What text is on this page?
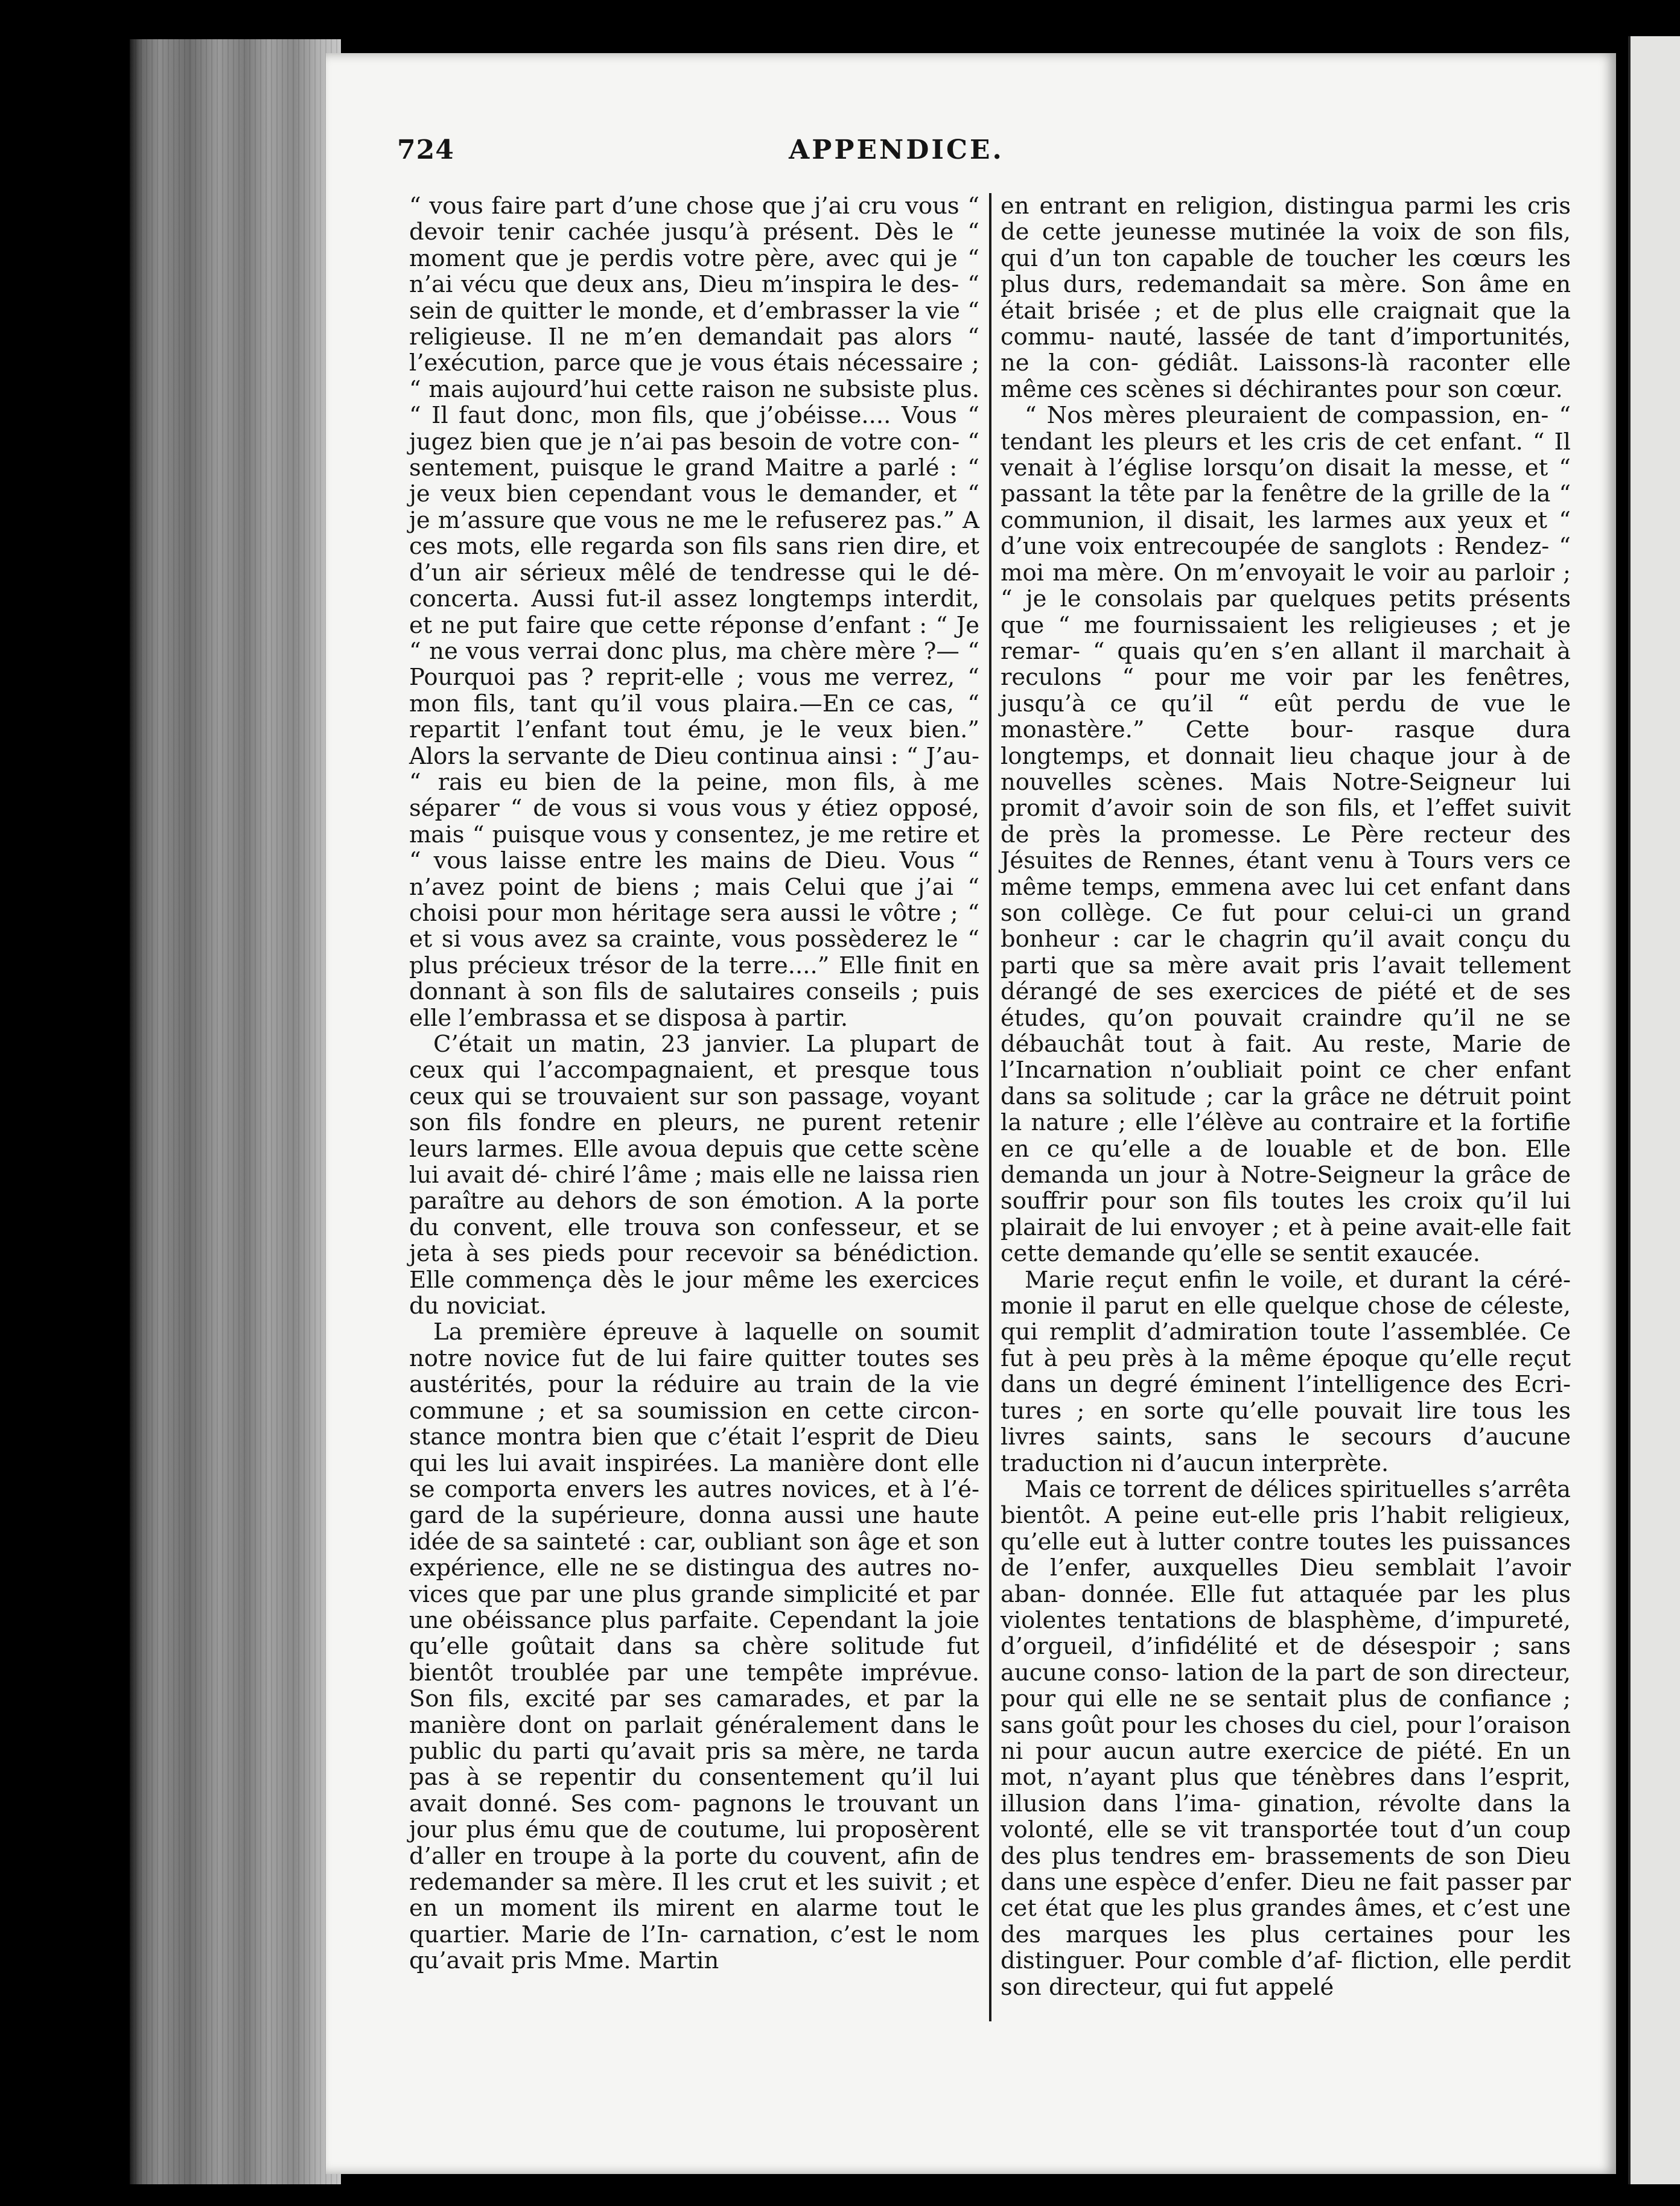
724	APPENDICE.

“ vous faire part d’une chose que j’ai cru vous “ devoir tenir cachée jusqu’à présent. Dès le “ moment que je perdis votre père, avec qui je “ n’ai vécu que deux ans, Dieu m’inspira le des- “ sein de quitter le monde, et d’embrasser la vie “ religieuse. Il ne m’en demandait pas alors “ l’exécution, parce que je vous étais nécessaire ; “ mais aujourd’hui cette raison ne subsiste plus. “ Il faut donc, mon fils, que j’obéisse.... Vous “ jugez bien que je n’ai pas besoin de votre con- “ sentement, puisque le grand Maitre a parlé : “ je veux bien cependant vous le demander, et “ je m’assure que vous ne me le refuserez pas.” A ces mots, elle regarda son fils sans rien dire, et d’un air sérieux mêlé de tendresse qui le dé- concerta. Aussi fut-il assez longtemps interdit, et ne put faire que cette réponse d’enfant : “ Je “ ne vous verrai donc plus, ma chère mère ?— “ Pourquoi pas ? reprit-elle ; vous me verrez, “ mon fils, tant qu’il vous plaira.—En ce cas, “ repartit l’enfant tout ému, je le veux bien.” Alors la servante de Dieu continua ainsi : “ J’au- “ rais eu bien de la peine, mon fils, à me séparer “ de vous si vous vous y étiez opposé, mais “ puisque vous y consentez, je me retire et “ vous laisse entre les mains de Dieu. Vous “ n’avez point de biens ; mais Celui que j’ai “ choisi pour mon héritage sera aussi le vôtre ; “ et si vous avez sa crainte, vous possèderez le “ plus précieux trésor de la terre....” Elle finit en donnant à son fils de salutaires conseils ; puis elle l’embrassa et se disposa à partir.

C’était un matin, 23 janvier. La plupart de ceux qui l’accompagnaient, et presque tous ceux qui se trouvaient sur son passage, voyant son fils fondre en pleurs, ne purent retenir leurs larmes. Elle avoua depuis que cette scène lui avait dé- chiré l’âme ; mais elle ne laissa rien paraître au dehors de son émotion. A la porte du convent, elle trouva son confesseur, et se jeta à ses pieds pour recevoir sa bénédiction. Elle commença dès le jour même les exercices du noviciat.

La première épreuve à laquelle on soumit notre novice fut de lui faire quitter toutes ses austérités, pour la réduire au train de la vie commune ; et sa soumission en cette circon- stance montra bien que c’était l’esprit de Dieu qui les lui avait inspirées. La manière dont elle se comporta envers les autres novices, et à l’é- gard de la supérieure, donna aussi une haute idée de sa sainteté : car, oubliant son âge et son expérience, elle ne se distingua des autres no- vices que par une plus grande simplicité et par une obéissance plus parfaite. Cependant la joie qu’elle goûtait dans sa chère solitude fut bientôt troublée par une tempête imprévue. Son fils, excité par ses camarades, et par la manière dont on parlait généralement dans le public du parti qu’avait pris sa mère, ne tarda pas à se repentir du consentement qu’il lui avait donné. Ses com- pagnons le trouvant un jour plus ému que de coutume, lui proposèrent d’aller en troupe à la porte du couvent, afin de redemander sa mère. Il les crut et les suivit ; et en un moment ils mirent en alarme tout le quartier. Marie de l’In- carnation, c’est le nom qu’avait pris Mme. Martin

en entrant en religion, distingua parmi les cris de cette jeunesse mutinée la voix de son fils, qui d’un ton capable de toucher les cœurs les plus durs, redemandait sa mère. Son âme en était brisée ; et de plus elle craignait que la commu- nauté, lassée de tant d’importunités, ne la con- gédiât. Laissons-là raconter elle même ces scènes si déchirantes pour son cœur.

“ Nos mères pleuraient de compassion, en- “ tendant les pleurs et les cris de cet enfant. “ Il venait à l’église lorsqu’on disait la messe, et “ passant la tête par la fenêtre de la grille de la “ communion, il disait, les larmes aux yeux et “ d’une voix entrecoupée de sanglots : Rendez- “ moi ma mère. On m’envoyait le voir au parloir ; “ je le consolais par quelques petits présents que “ me fournissaient les religieuses ; et je remar- “ quais qu’en s’en allant il marchait à reculons “ pour me voir par les fenêtres, jusqu’à ce qu’il “ eût perdu de vue le monastère.” Cette bour- rasque dura longtemps, et donnait lieu chaque jour à de nouvelles scènes. Mais Notre-Seigneur lui promit d’avoir soin de son fils, et l’effet suivit de près la promesse. Le Père recteur des Jésuites de Rennes, étant venu à Tours vers ce même temps, emmena avec lui cet enfant dans son collège. Ce fut pour celui-ci un grand bonheur : car le chagrin qu’il avait conçu du parti que sa mère avait pris l’avait tellement dérangé de ses exercices de piété et de ses études, qu’on pouvait craindre qu’il ne se débauchât tout à fait. Au reste, Marie de l’Incarnation n’oubliait point ce cher enfant dans sa solitude ; car la grâce ne détruit point la nature ; elle l’élève au contraire et la fortifie en ce qu’elle a de louable et de bon. Elle demanda un jour à Notre-Seigneur la grâce de souffrir pour son fils toutes les croix qu’il lui plairait de lui envoyer ; et à peine avait-elle fait cette demande qu’elle se sentit exaucée.

Marie reçut enfin le voile, et durant la céré- monie il parut en elle quelque chose de céleste, qui remplit d’admiration toute l’assemblée. Ce fut à peu près à la même époque qu’elle reçut dans un degré éminent l’intelligence des Ecri- tures ; en sorte qu’elle pouvait lire tous les livres saints, sans le secours d’aucune traduction ni d’aucun interprète.

Mais ce torrent de délices spirituelles s’arrêta bientôt. A peine eut-elle pris l’habit religieux, qu’elle eut à lutter contre toutes les puissances de l’enfer, auxquelles Dieu semblait l’avoir aban- donnée. Elle fut attaquée par les plus violentes tentations de blasphème, d’impureté, d’orgueil, d’infidélité et de désespoir ; sans aucune conso- lation de la part de son directeur, pour qui elle ne se sentait plus de confiance ; sans goût pour les choses du ciel, pour l’oraison ni pour aucun autre exercice de piété. En un mot, n’ayant plus que ténèbres dans l’esprit, illusion dans l’ima- gination, révolte dans la volonté, elle se vit transportée tout d’un coup des plus tendres em- brassements de son Dieu dans une espèce d’enfer. Dieu ne fait passer par cet état que les plus grandes âmes, et c’est une des marques les plus certaines pour les distinguer. Pour comble d’af- fliction, elle perdit son directeur, qui fut appelé
